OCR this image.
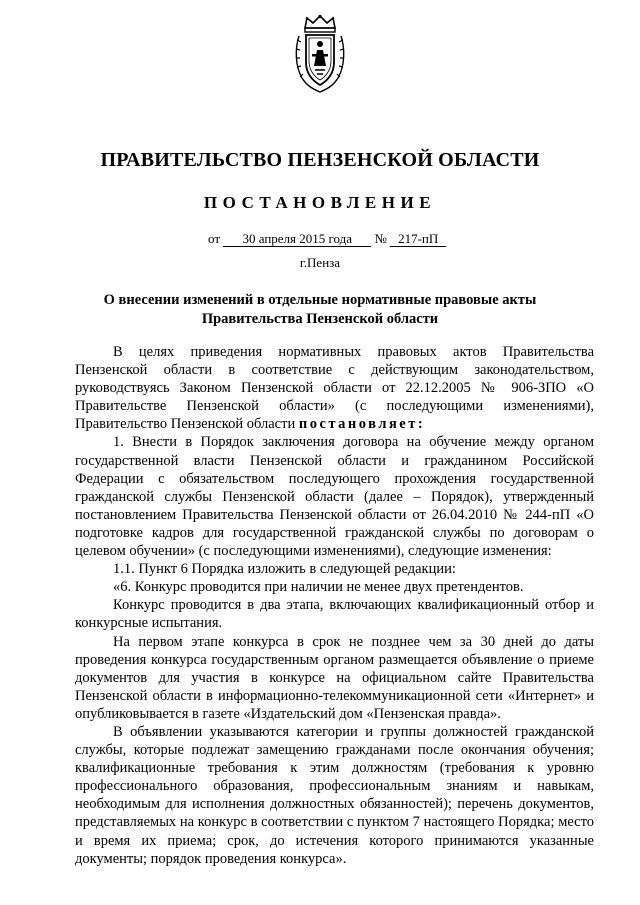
ПРАВИТЕЛЬСТВО ПЕНЗЕНСКОЙ ОБЛАСТИ
ПОСТАНОВЛЕНИЕ
от 30 апреля 2015 года № 217-пП
г.Пенза
О внесении изменений в отдельные нормативные правовые акты
Правительства Пензенской области

В целях приведения нормативных правовых актов Правительства Пензенской области в соответствие с действующим законодательством, руководствуясь Законом Пензенской области от 22.12.2005 № 906-ЗПО «О Правительстве Пензенской области» (с последующими изменениями), Правительство Пензенской области постановляет:

1. Внести в Порядок заключения договора на обучение между органом государственной власти Пензенской области и гражданином Российской Федерации с обязательством последующего прохождения государственной гражданской службы Пензенской области (далее – Порядок), утвержденный постановлением Правительства Пензенской области от 26.04.2010 № 244-пП «О подготовке кадров для государственной гражданской службы по договорам о целевом обучении» (с последующими изменениями), следующие изменения:

1.1. Пункт 6 Порядка изложить в следующей редакции:

«6. Конкурс проводится при наличии не менее двух претендентов.

Конкурс проводится в два этапа, включающих квалификационный отбор и конкурсные испытания.

На первом этапе конкурса в срок не позднее чем за 30 дней до даты проведения конкурса государственным органом размещается объявление о приеме документов для участия в конкурсе на официальном сайте Правительства Пензенской области в информационно-телекоммуникационной сети «Интернет» и опубликовывается в газете «Издательский дом «Пензенская правда».

В объявлении указываются категории и группы должностей гражданской службы, которые подлежат замещению гражданами после окончания обучения; квалификационные требования к этим должностям (требования к уровню профессионального образования, профессиональным знаниям и навыкам, необходимым для исполнения должностных обязанностей); перечень документов, представляемых на конкурс в соответствии с пунктом 7 настоящего Порядка; место и время их приема; срок, до истечения которого принимаются указанные документы; порядок проведения конкурса».
